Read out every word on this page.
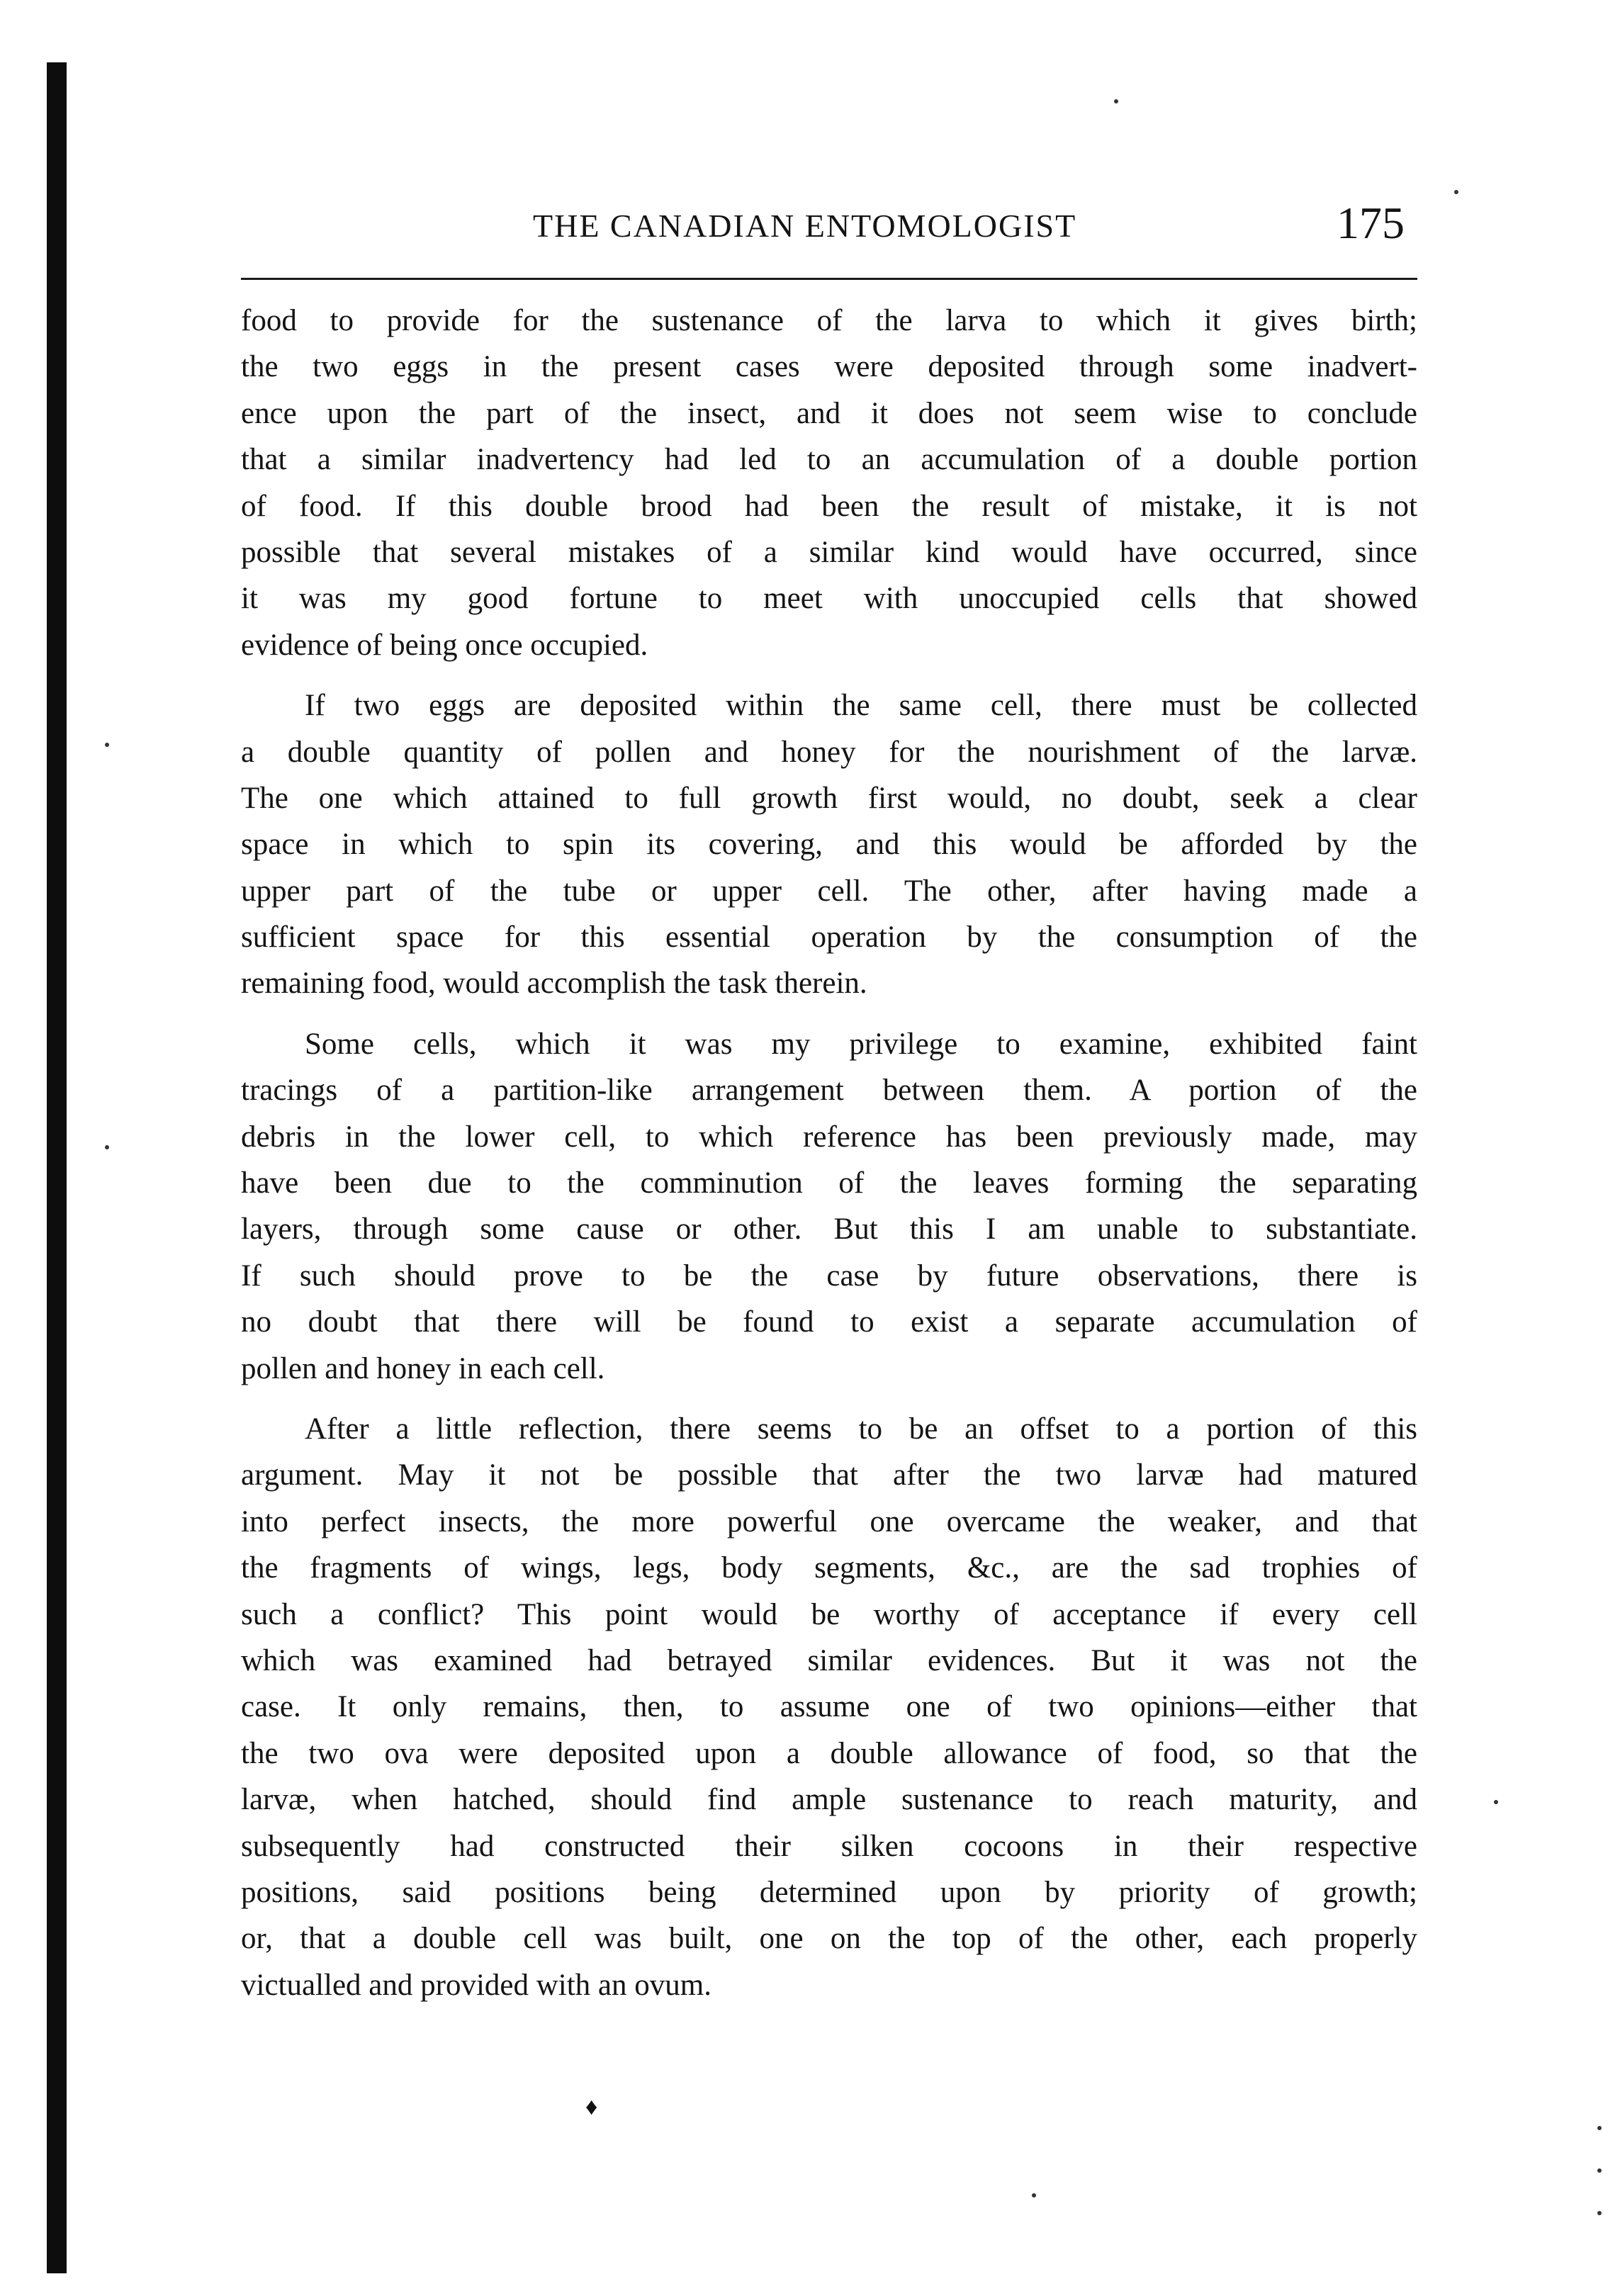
THE CANADIAN ENTOMOLOGIST	175
food to provide for the sustenance of the larva to which it gives birth;
the two eggs in the present cases were deposited through some inadvert-
ence upon the part of the insect, and it does not seem wise to conclude
that a similar inadvertency had led to an accumulation of a double portion
of food. If this double brood had been the result of mistake, it is not
possible that several mistakes of a similar kind would have occurred, since
it was my good fortune to meet with unoccupied cells that showed
evidence of being once occupied.
If two eggs are deposited within the same cell, there must be collected
a double quantity of pollen and honey for the nourishment of the larvæ.
The one which attained to full growth first would, no doubt, seek a clear
space in which to spin its covering, and this would be afforded by the
upper part of the tube or upper cell. The other, after having made a
sufficient space for this essential operation by the consumption of the
remaining food, would accomplish the task therein.
Some cells, which it was my privilege to examine, exhibited faint
tracings of a partition-like arrangement between them. A portion of the
debris in the lower cell, to which reference has been previously made, may
have been due to the comminution of the leaves forming the separating
layers, through some cause or other. But this I am unable to substantiate.
If such should prove to be the case by future observations, there is
no doubt that there will be found to exist a separate accumulation of
pollen and honey in each cell.
After a little reflection, there seems to be an offset to a portion of this
argument. May it not be possible that after the two larvæ had matured
into perfect insects, the more powerful one overcame the weaker, and that
the fragments of wings, legs, body segments, &c., are the sad trophies of
such a conflict? This point would be worthy of acceptance if every cell
which was examined had betrayed similar evidences. But it was not the
case. It only remains, then, to assume one of two opinions—either that
the two ova were deposited upon a double allowance of food, so that the
larvæ, when hatched, should find ample sustenance to reach maturity, and
subsequently had constructed their silken cocoons in their respective
positions, said positions being determined upon by priority of growth;
or, that a double cell was built, one on the top of the other, each properly
victualled and provided with an ovum.
♦
